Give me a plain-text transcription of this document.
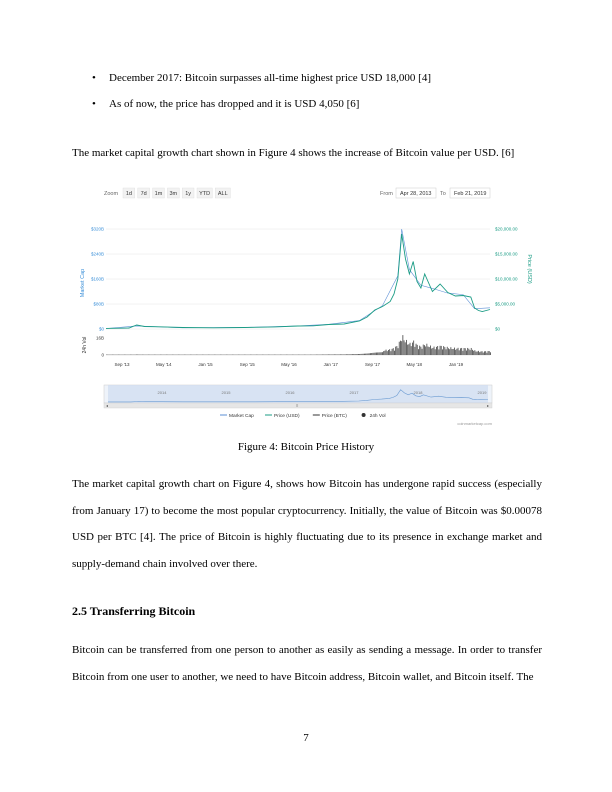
• December 2017: Bitcoin surpasses all-time highest price USD 18,000 [4]
• As of now, the price has dropped and it is USD 4,050 [6]
The market capital growth chart shown in Figure 4 shows the increase of Bitcoin value per USD. [6]
Zoom 1d 7d 1m 3m 1y YTD ALL	From Apr 28, 2013 To Feb 21, 2019
Market Cap	Price (USD)
24h Vol
$320B
$240B
$160B
$80B
$0
16B
0
$20,000.00
$15,000.00
$10,000.00
$5,000.00
$0
Sep '13	May '14	Jan '15	Sep '15	May '16	Jan '17	Sep '17	May '18	Jan '19
2014	2015	2016	2017	2018	2019
◂	▸
≡
Market Cap	Price (USD)	Price (BTC)	24h Vol
coinmarketcap.com
Figure 4: Bitcoin Price History
The market capital growth chart on Figure 4, shows how Bitcoin has undergone rapid success (especially from January 17) to become the most popular cryptocurrency. Initially, the value of Bitcoin was $0.00078 USD per BTC [4]. The price of Bitcoin is highly fluctuating due to its presence in exchange market and supply-demand chain involved over there.
2.5 Transferring Bitcoin
Bitcoin can be transferred from one person to another as easily as sending a message. In order to transfer Bitcoin from one user to another, we need to have Bitcoin address, Bitcoin wallet, and Bitcoin itself. The
7
